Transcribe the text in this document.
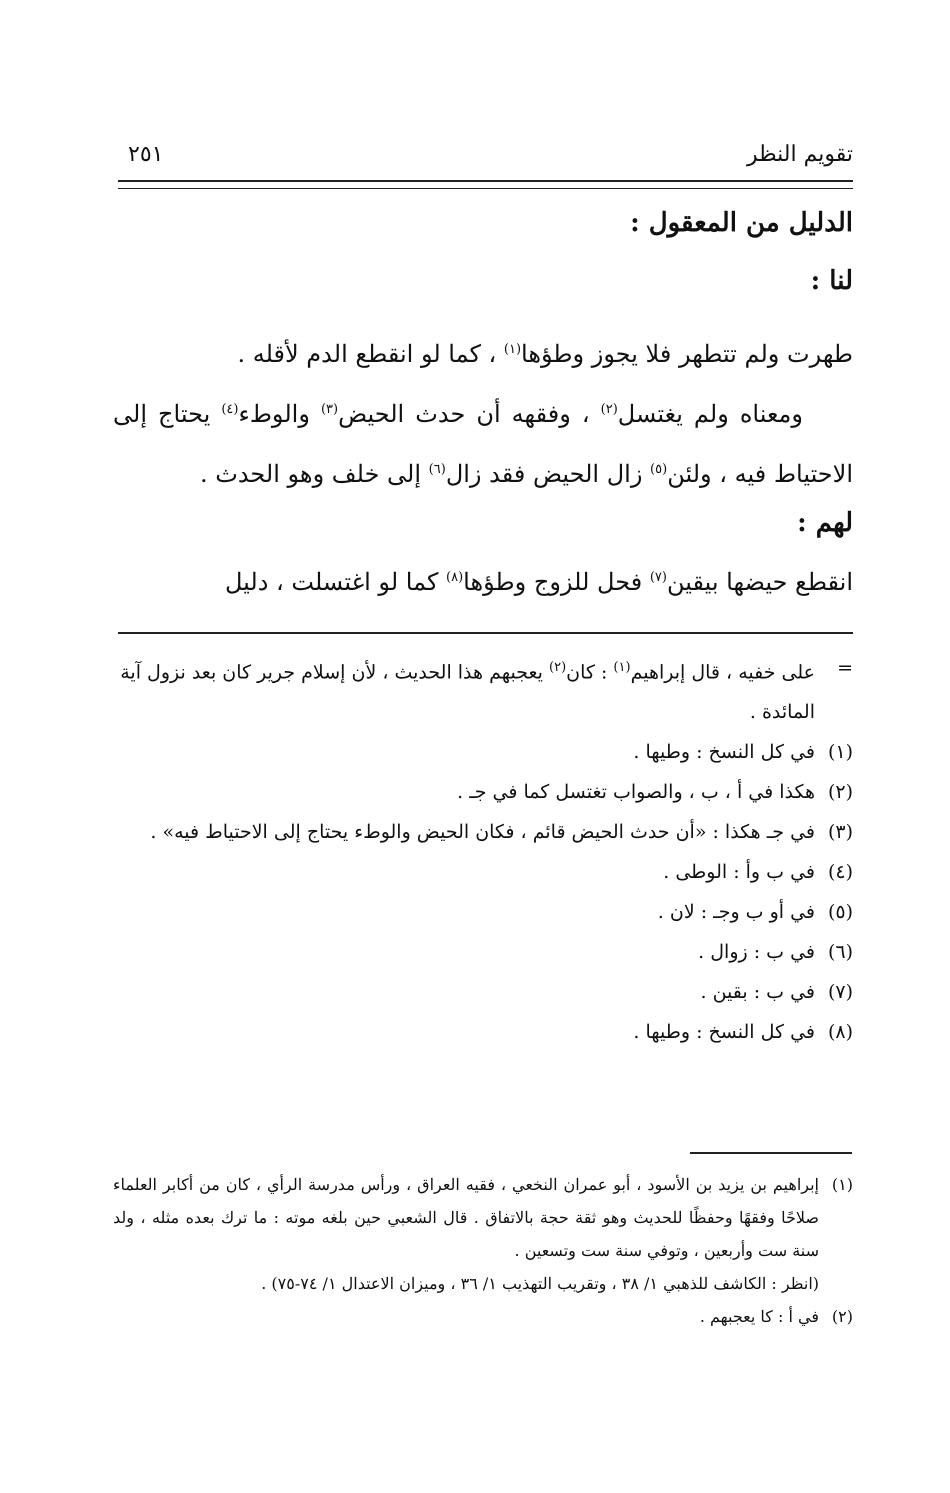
تقويم النظر
٢٥١

الدليل من المعقول :

لنا :

طهرت ولم تتطهر فلا يجوز وطؤها$^{(١)}$ ، كما لو انقطع الدم لأقله .

ومعناه ولم يغتسل$^{(٢)}$ ، وفقهه أن حدث الحيض$^{(٣)}$ والوطء$^{(٤)}$ يحتاج إلى الاحتياط فيه ، ولئن$^{(٥)}$ زال الحيض فقد زال$^{(٦)}$ إلى خلف وهو الحدث .

لهم :

انقطع حيضها بيقين$^{(٧)}$ فحل للزوج وطؤها$^{(٨)}$ كما لو اغتسلت ، دليل

=
على خفيه ، قال إبراهيم$^{(١)}$ : كان$^{(٢)}$ يعجبهم هذا الحديث ، لأن إسلام جرير كان بعد نزول آية المائدة .

(١)
في كل النسخ : وطيها .

(٢)
هكذا في أ ، ب ، والصواب تغتسل كما في جـ .

(٣)
في جـ هكذا : «أن حدث الحيض قائم ، فكان الحيض والوطء يحتاج إلى الاحتياط فيه» .

(٤)
في ب وأ : الوطى .

(٥)
في أو ب وجـ : لان .

(٦)
في ب : زوال .

(٧)
في ب : بقين .

(٨)
في كل النسخ : وطيها .

(١)
إبراهيم بن يزيد بن الأسود ، أبو عمران النخعي ، فقيه العراق ، ورأس مدرسة الرأي ، كان من أكابر العلماء صلاحًا وفقهًا وحفظًا للحديث وهو ثقة حجة بالاتفاق . قال الشعبي حين بلغه موته : ما ترك بعده مثله ، ولد سنة ست وأربعين ، وتوفي سنة ست وتسعين .

(انظر : الكاشف للذهبي ١/ ٣٨ ، وتقريب التهذيب ١/ ٣٦ ، وميزان الاعتدال ١/ ٧٤-٧٥) .

(٢)
في أ : كا يعجبهم .
